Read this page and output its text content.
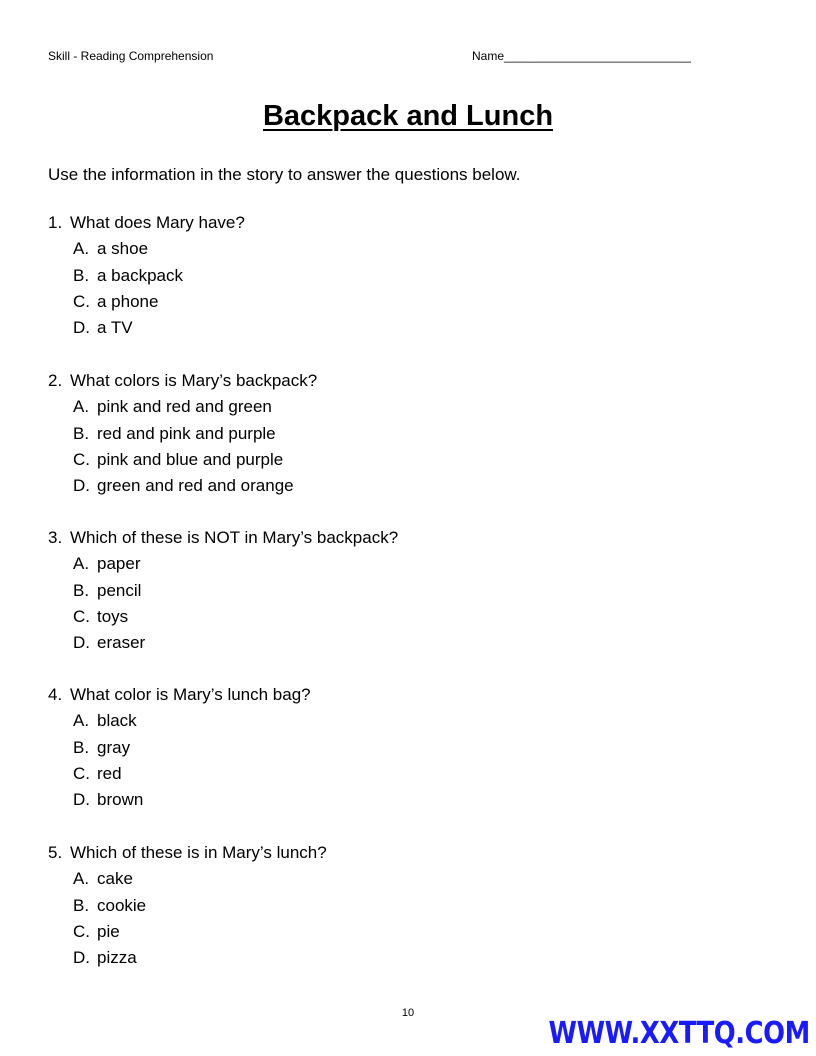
Skill - Reading Comprehension	Name____________________________
Backpack and Lunch
Use the information in the story to answer the questions below.
1. What does Mary have?
A. a shoe
B. a backpack
C. a phone
D. a TV
2. What colors is Mary’s backpack?
A. pink and red and green
B. red and pink and purple
C. pink and blue and purple
D. green and red and orange
3. Which of these is NOT in Mary’s backpack?
A. paper
B. pencil
C. toys
D. eraser
4. What color is Mary’s lunch bag?
A. black
B. gray
C. red
D. brown
5. Which of these is in Mary’s lunch?
A. cake
B. cookie
C. pie
D. pizza
10
WWW.XXTTQ.COM
